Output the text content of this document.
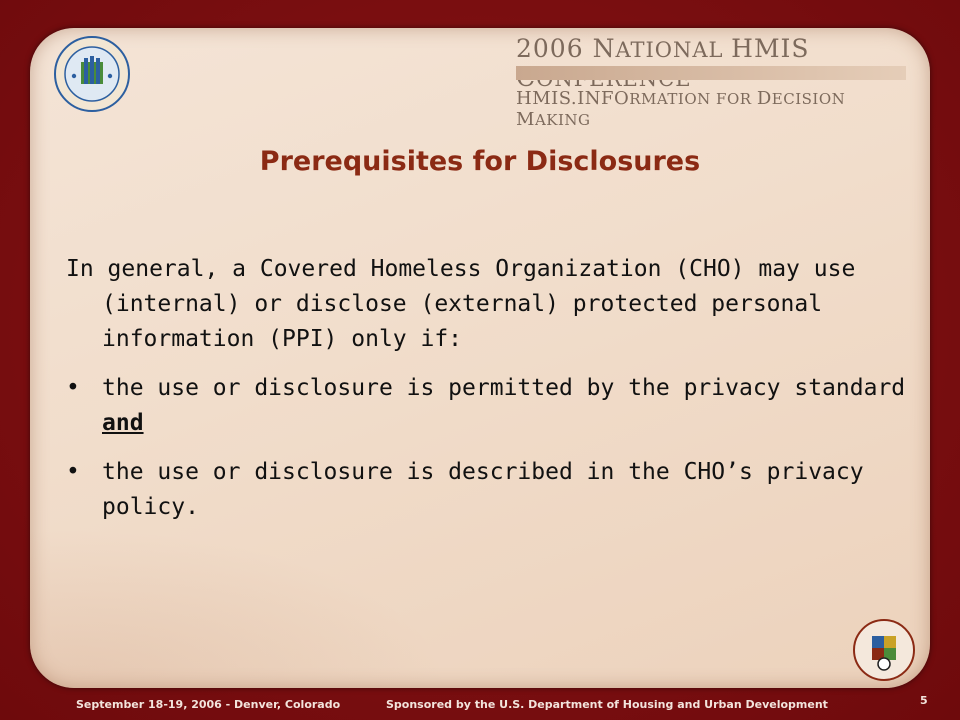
2006 NATIONAL HMIS
HMIS.INFORMATION FOR DECISION MAKING
Prerequisites for Disclosures

In general, a Covered Homeless Organization (CHO) may use (internal) or disclose (external) protected personal information (PPI) only if:

• the use or disclosure is permitted by the privacy standard and
• the use or disclosure is described in the CHO’s privacy policy.
September 18-19, 2006 - Denver, Colorado	Sponsored by the U.S. Department of Housing and Urban Development	5
